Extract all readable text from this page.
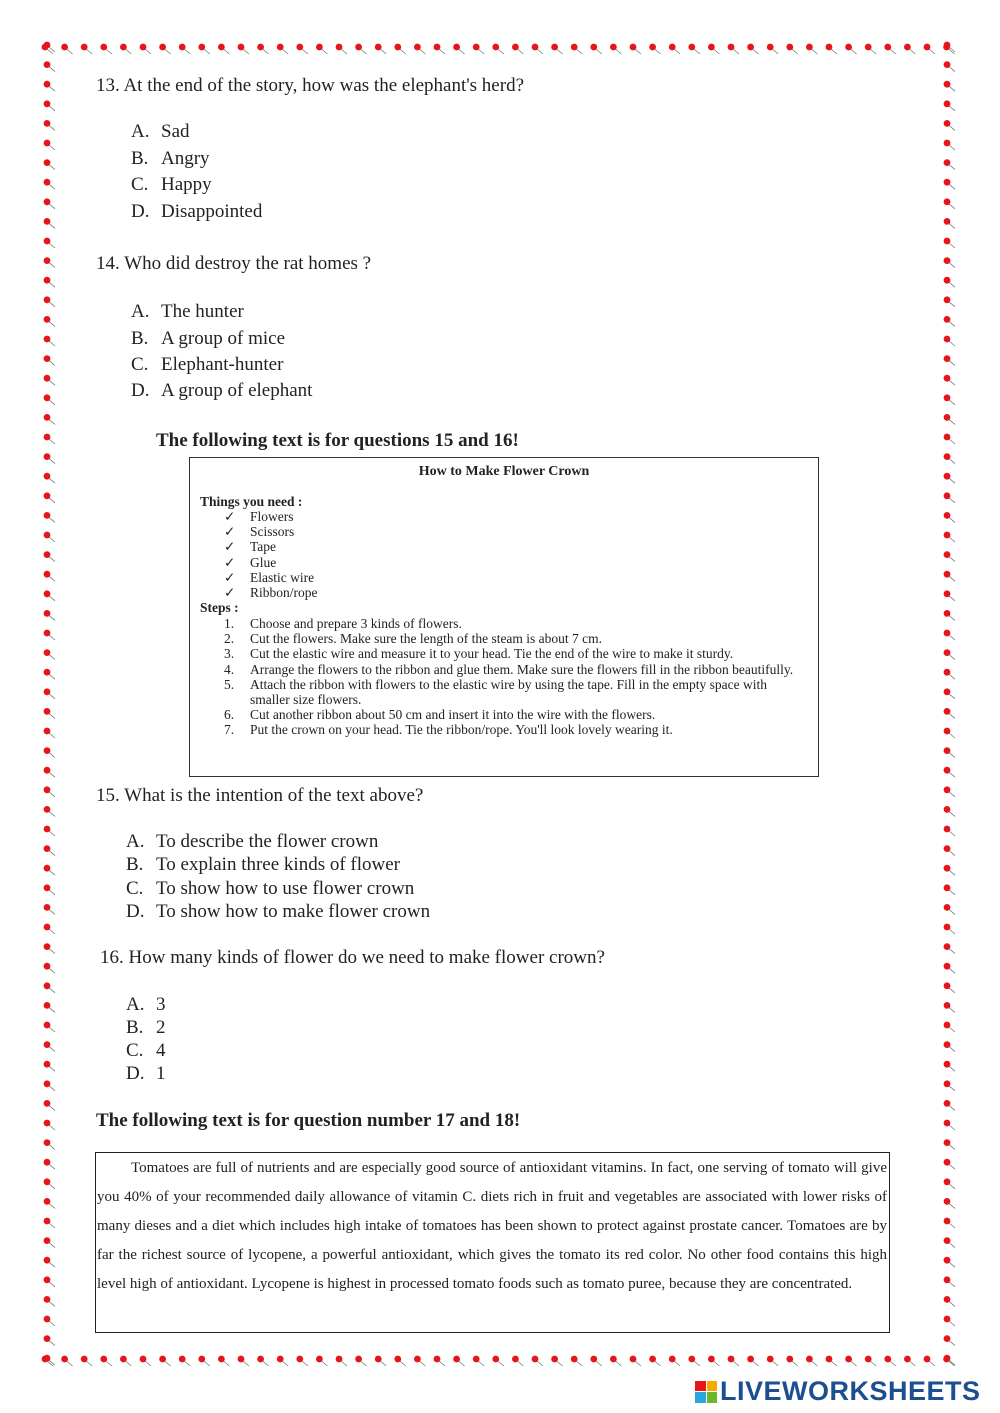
13. At the end of the story, how was the elephant's herd?
A. Sad
B. Angry
C. Happy
D. Disappointed
14. Who did destroy the rat homes ?
A. The hunter
B. A group of mice
C. Elephant-hunter
D. A group of elephant
The following text is for questions 15 and 16!
How to Make Flower Crown
Things you need :
✓ Flowers
✓ Scissors
✓ Tape
✓ Glue
✓ Elastic wire
✓ Ribbon/rope
Steps :
1. Choose and prepare 3 kinds of flowers.
2. Cut the flowers. Make sure the length of the steam is about 7 cm.
3. Cut the elastic wire and measure it to your head. Tie the end of the wire to make it sturdy.
4. Arrange the flowers to the ribbon and glue them. Make sure the flowers fill in the ribbon beautifully.
5. Attach the ribbon with flowers to the elastic wire by using the tape. Fill in the empty space with smaller size flowers.
6. Cut another ribbon about 50 cm and insert it into the wire with the flowers.
7. Put the crown on your head. Tie the ribbon/rope. You'll look lovely wearing it.
15. What is the intention of the text above?
A. To describe the flower crown
B. To explain three kinds of flower
C. To show how to use flower crown
D. To show how to make flower crown
16. How many kinds of flower do we need to make flower crown?
A. 3
B. 2
C. 4
D. 1
The following text is for question number 17 and 18!

Tomatoes are full of nutrients and are especially good source of antioxidant vitamins. In fact, one serving of tomato will give you 40% of your recommended daily allowance of vitamin C. diets rich in fruit and vegetables are associated with lower risks of many dieses and a diet which includes high intake of tomatoes has been shown to protect against prostate cancer. Tomatoes are by far the richest source of lycopene, a powerful antioxidant, which gives the tomato its red color. No other food contains this high level high of antioxidant. Lycopene is highest in processed tomato foods such as tomato puree, because they are concentrated.

LIVEWORKSHEETS
